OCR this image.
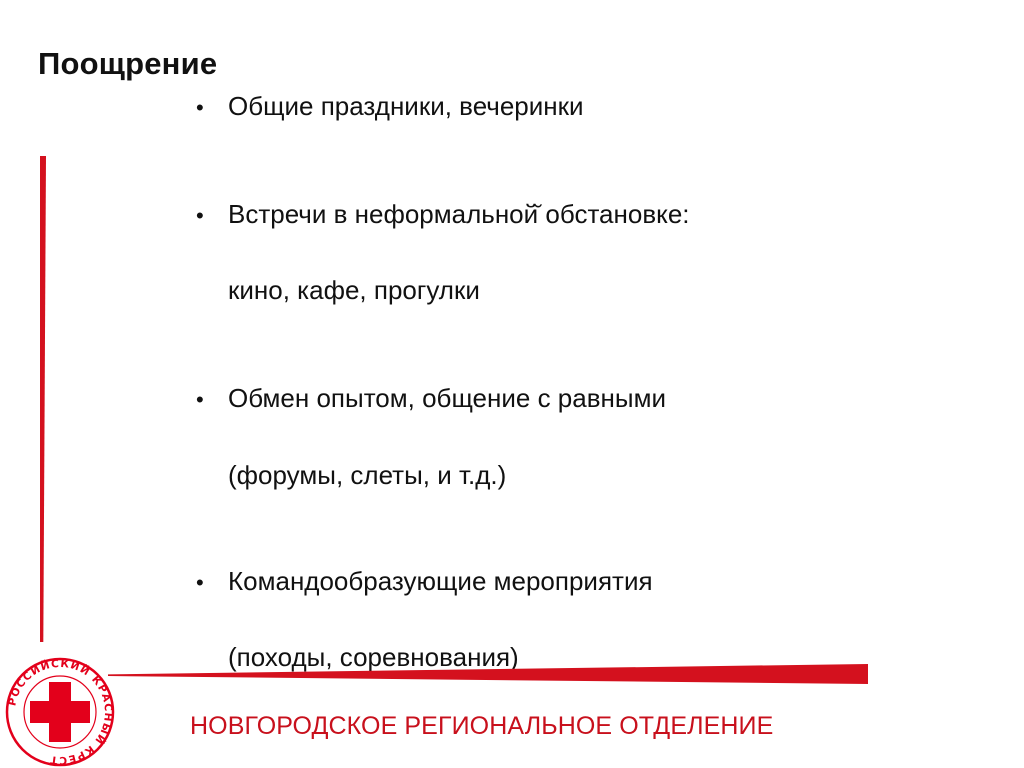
Поощрение
• Общие праздники, вечеринки
• Встречи в неформальной̆ обстановке:
кино, кафе, прогулки
• Обмен опытом, общение с равными
(форумы, слеты, и т.д.)
• Командообразующие мероприятия
(походы, соревнования)
РОССИЙСКИЙ КРАСНЫЙ КРЕСТ
НОВГОРОДСКОЕ РЕГИОНАЛЬНОЕ ОТДЕЛЕНИЕ
